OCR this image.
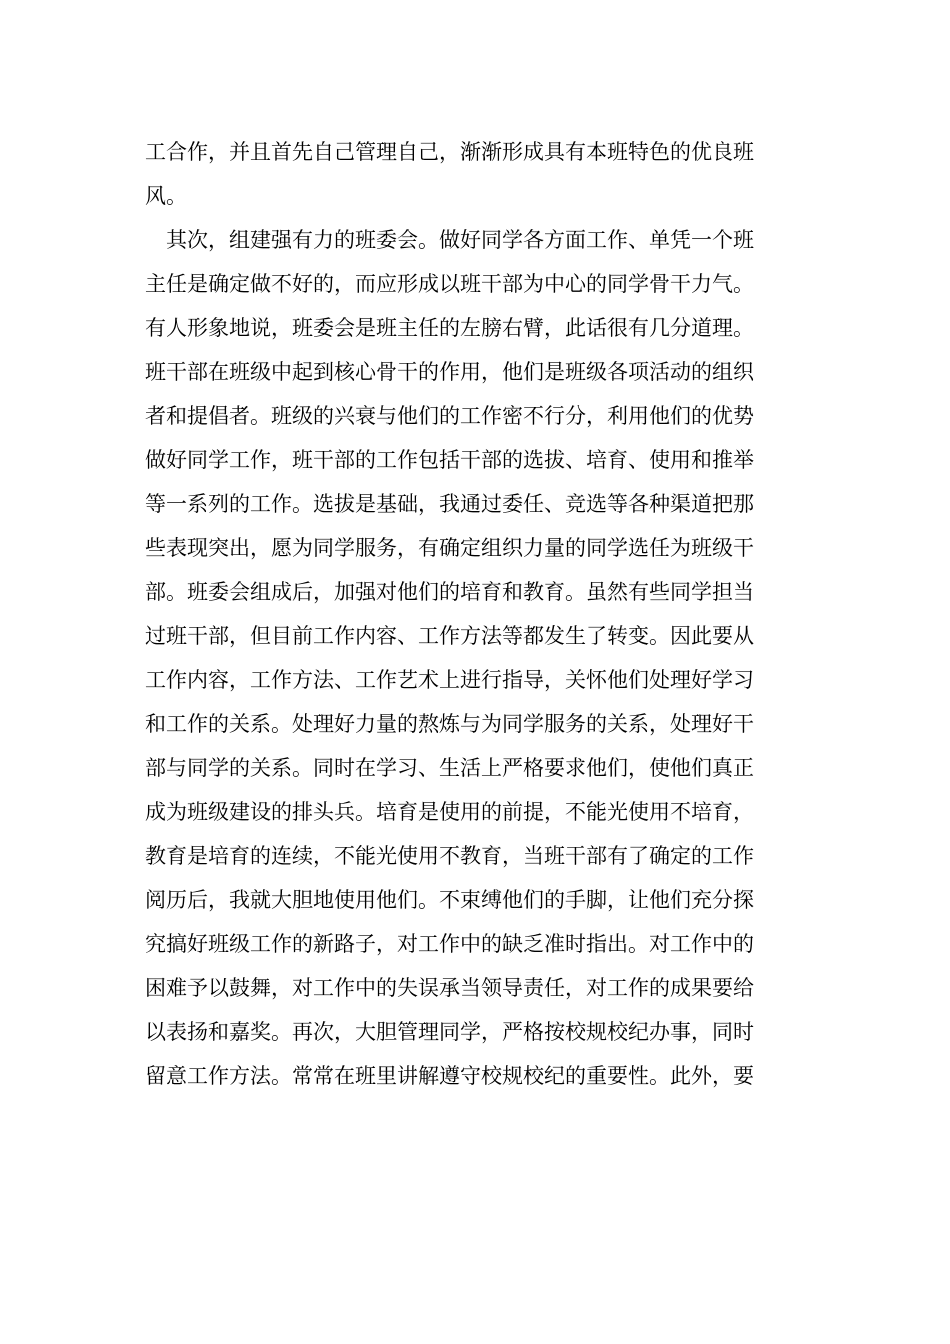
工合作，并且首先自己管理自己，渐渐形成具有本班特色的优良班
风。
其次，组建强有力的班委会。做好同学各方面工作、单凭一个班
主任是确定做不好的，而应形成以班干部为中心的同学骨干力气。
有人形象地说，班委会是班主任的左膀右臂，此话很有几分道理。
班干部在班级中起到核心骨干的作用，他们是班级各项活动的组织
者和提倡者。班级的兴衰与他们的工作密不行分，利用他们的优势
做好同学工作，班干部的工作包括干部的选拔、培育、使用和推举
等一系列的工作。选拔是基础，我通过委任、竞选等各种渠道把那
些表现突出，愿为同学服务，有确定组织力量的同学选任为班级干
部。班委会组成后，加强对他们的培育和教育。虽然有些同学担当
过班干部，但目前工作内容、工作方法等都发生了转变。因此要从
工作内容，工作方法、工作艺术上进行指导，关怀他们处理好学习
和工作的关系。处理好力量的熬炼与为同学服务的关系，处理好干
部与同学的关系。同时在学习、生活上严格要求他们，使他们真正
成为班级建设的排头兵。培育是使用的前提，不能光使用不培育，
教育是培育的连续，不能光使用不教育，当班干部有了确定的工作
阅历后，我就大胆地使用他们。不束缚他们的手脚，让他们充分探
究搞好班级工作的新路子，对工作中的缺乏准时指出。对工作中的
困难予以鼓舞，对工作中的失误承当领导责任，对工作的成果要给
以表扬和嘉奖。再次，大胆管理同学，严格按校规校纪办事，同时
留意工作方法。常常在班里讲解遵守校规校纪的重要性。此外，要
